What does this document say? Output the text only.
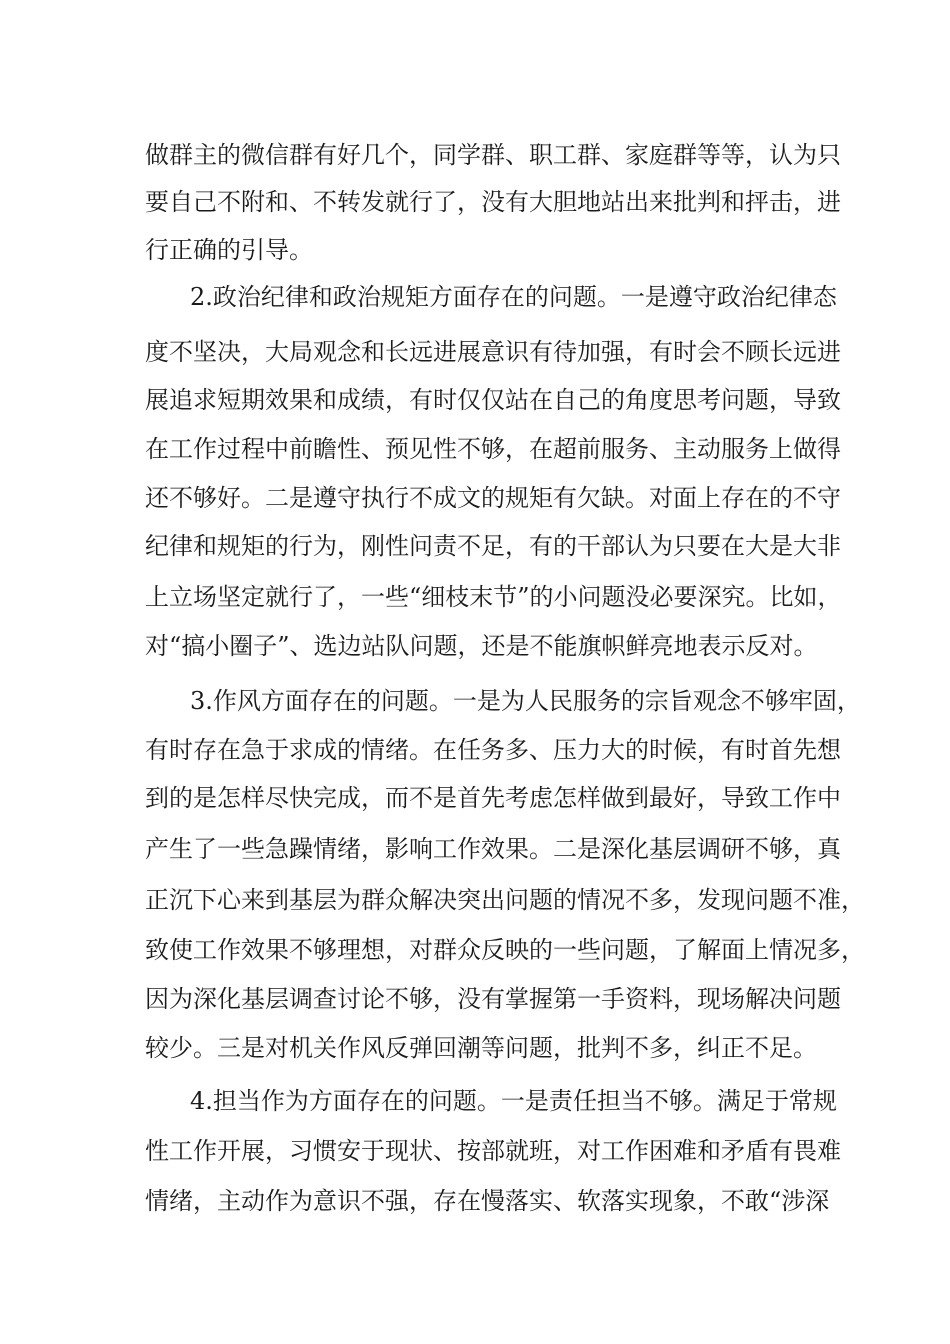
做群主的微信群有好几个，同学群、职工群、家庭群等等，认为只
要自己不附和、不转发就行了，没有大胆地站出来批判和抨击，进
行正确的引导。
2.政治纪律和政治规矩方面存在的问题。一是遵守政治纪律态
度不坚决，大局观念和长远进展意识有待加强，有时会不顾长远进
展追求短期效果和成绩，有时仅仅站在自己的角度思考问题，导致
在工作过程中前瞻性、预见性不够，在超前服务、主动服务上做得
还不够好。二是遵守执行不成文的规矩有欠缺。对面上存在的不守
纪律和规矩的行为，刚性问责不足，有的干部认为只要在大是大非
上立场坚定就行了，一些“细枝末节”的小问题没必要深究。比如，
对“搞小圈子”、选边站队问题，还是不能旗帜鲜亮地表示反对。
3.作风方面存在的问题。一是为人民服务的宗旨观念不够牢固，
有时存在急于求成的情绪。在任务多、压力大的时候，有时首先想
到的是怎样尽快完成，而不是首先考虑怎样做到最好，导致工作中
产生了一些急躁情绪，影响工作效果。二是深化基层调研不够，真
正沉下心来到基层为群众解决突出问题的情况不多，发现问题不准，
致使工作效果不够理想，对群众反映的一些问题，了解面上情况多，
因为深化基层调查讨论不够，没有掌握第一手资料，现场解决问题
较少。三是对机关作风反弹回潮等问题，批判不多，纠正不足。
4.担当作为方面存在的问题。一是责任担当不够。满足于常规
性工作开展，习惯安于现状、按部就班，对工作困难和矛盾有畏难
情绪，主动作为意识不强，存在慢落实、软落实现象，不敢“涉深
